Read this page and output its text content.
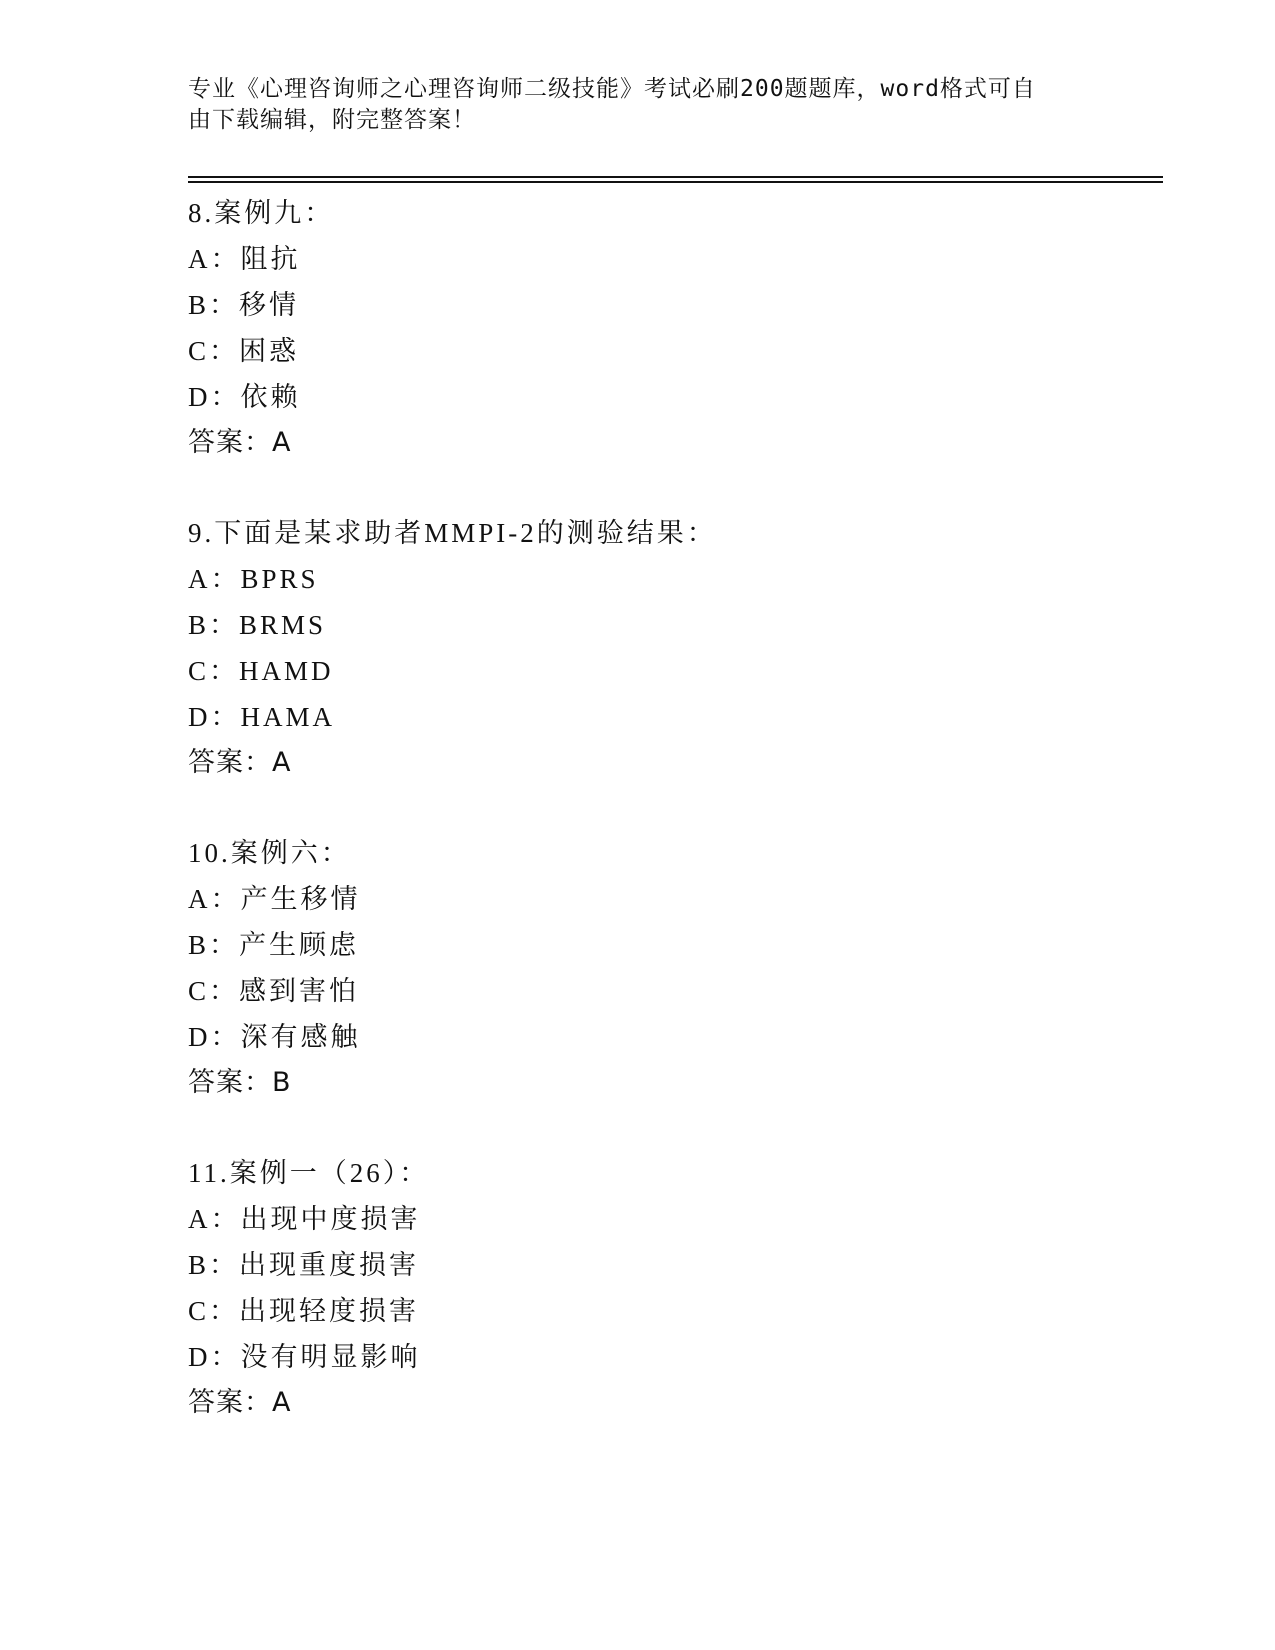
专业《心理咨询师之心理咨询师二级技能》考试必刷200题题库，word格式可自
由下载编辑，附完整答案！
8.案例九：
A：阻抗
B：移情
C：困惑
D：依赖
答案：A
9.下面是某求助者MMPI-2的测验结果：
A：BPRS
B：BRMS
C：HAMD
D：HAMA
答案：A
10.案例六：
A：产生移情
B：产生顾虑
C：感到害怕
D：深有感触
答案：B
11.案例一（26）：
A：出现中度损害
B：出现重度损害
C：出现轻度损害
D：没有明显影响
答案：A
